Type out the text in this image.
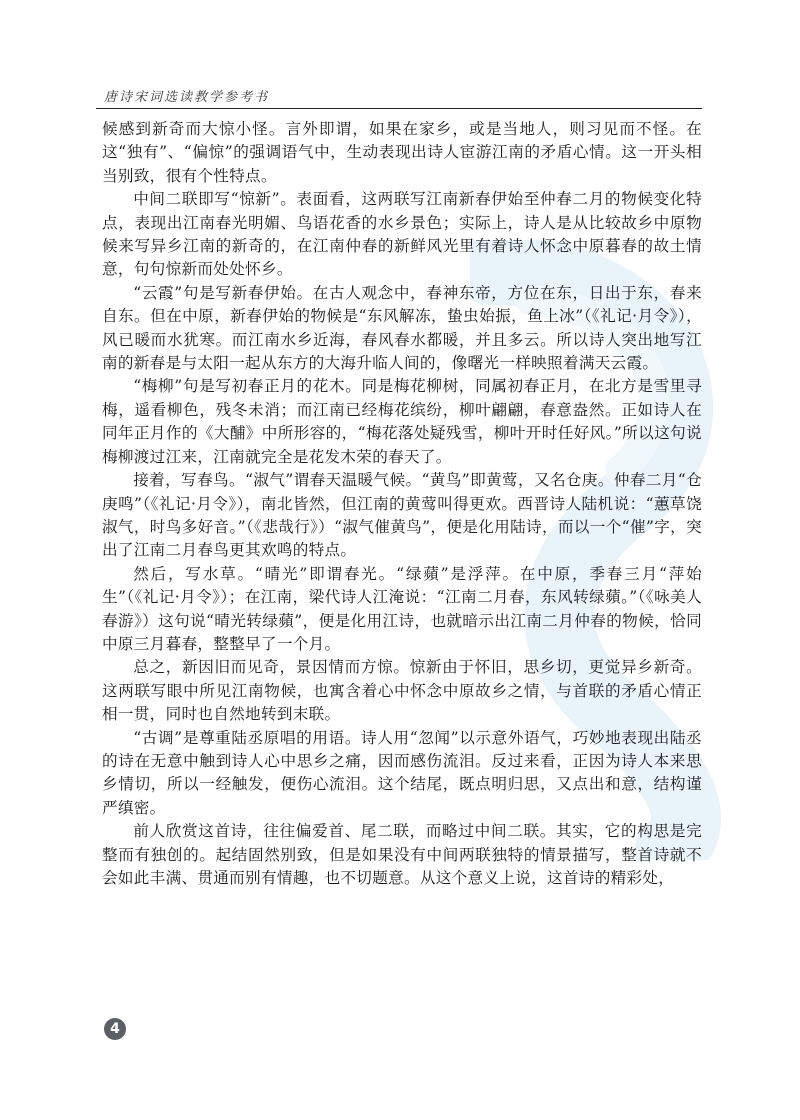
唐诗宋词选读教学参考书

候感到新奇而大惊小怪。言外即谓，如果在家乡，或是当地人，则习见而不怪。在这“独有”、“偏惊”的强调语气中，生动表现出诗人宦游江南的矛盾心情。这一开头相当别致，很有个性特点。

中间二联即写“惊新”。表面看，这两联写江南新春伊始至仲春二月的物候变化特点，表现出江南春光明媚、鸟语花香的水乡景色；实际上，诗人是从比较故乡中原物候来写异乡江南的新奇的，在江南仲春的新鲜风光里有着诗人怀念中原暮春的故土情意，句句惊新而处处怀乡。

“云霞”句是写新春伊始。在古人观念中，春神东帝，方位在东，日出于东，春来自东。但在中原，新春伊始的物候是“东风解冻，蛰虫始振，鱼上冰”（《礼记·月令》），风已暖而水犹寒。而江南水乡近海，春风春水都暖，并且多云。所以诗人突出地写江南的新春是与太阳一起从东方的大海升临人间的，像曙光一样映照着满天云霞。

“梅柳”句是写初春正月的花木。同是梅花柳树，同属初春正月，在北方是雪里寻梅，遥看柳色，残冬未消；而江南已经梅花缤纷，柳叶翩翩，春意盎然。正如诗人在同年正月作的《大酺》中所形容的，“梅花落处疑残雪，柳叶开时任好风。”所以这句说梅柳渡过江来，江南就完全是花发木荣的春天了。

接着，写春鸟。“淑气”谓春天温暖气候。“黄鸟”即黄莺，又名仓庚。仲春二月“仓庚鸣”（《礼记·月令》），南北皆然，但江南的黄莺叫得更欢。西晋诗人陆机说：“蕙草饶淑气，时鸟多好音。”（《悲哉行》）“淑气催黄鸟”，便是化用陆诗，而以一个“催”字，突出了江南二月春鸟更其欢鸣的特点。

然后，写水草。“晴光”即谓春光。“绿蘋”是浮萍。在中原，季春三月“萍始生”（《礼记·月令》）；在江南，梁代诗人江淹说：“江南二月春，东风转绿蘋。”（《咏美人春游》）这句说“晴光转绿蘋”，便是化用江诗，也就暗示出江南二月仲春的物候，恰同中原三月暮春，整整早了一个月。

总之，新因旧而见奇，景因情而方惊。惊新由于怀旧，思乡切，更觉异乡新奇。这两联写眼中所见江南物候，也寓含着心中怀念中原故乡之情，与首联的矛盾心情正相一贯，同时也自然地转到末联。

“古调”是尊重陆丞原唱的用语。诗人用“忽闻”以示意外语气，巧妙地表现出陆丞的诗在无意中触到诗人心中思乡之痛，因而感伤流泪。反过来看，正因为诗人本来思乡情切，所以一经触发，便伤心流泪。这个结尾，既点明归思，又点出和意，结构谨严缜密。

前人欣赏这首诗，往往偏爱首、尾二联，而略过中间二联。其实，它的构思是完整而有独创的。起结固然别致，但是如果没有中间两联独特的情景描写，整首诗就不会如此丰满、贯通而别有情趣，也不切题意。从这个意义上说，这首诗的精彩处，

4
